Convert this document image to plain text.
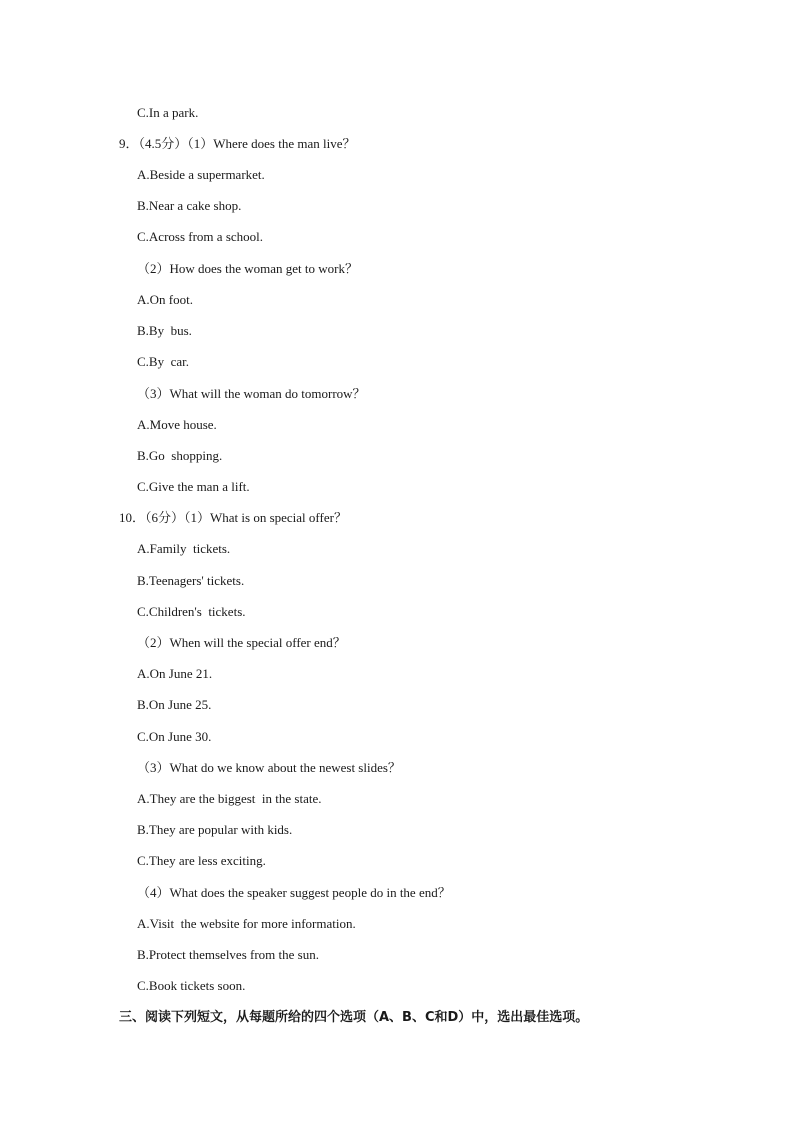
C.In a park.
9．（4.5分）（1）Where does the man live？
A.Beside a supermarket.
B.Near a cake shop.
C.Across from a school.
（2）How does the woman get to work？
A.On foot.
B.By  bus.
C.By  car.
（3）What will the woman do tomorrow？
A.Move house.
B.Go  shopping.
C.Give the man a lift.
10．（6分）（1）What is on special offer？
A.Family  tickets.
B.Teenagers' tickets.
C.Children's  tickets.
（2）When will the special offer end？
A.On June 21.
B.On June 25.
C.On June 30.
（3）What do we know about the newest slides？
A.They are the biggest  in the state.
B.They are popular with kids.
C.They are less exciting.
（4）What does the speaker suggest people do in the end？
A.Visit  the website for more information.
B.Protect themselves from the sun.
C.Book tickets soon.
三、阅读下列短文，从每题所给的四个选项（A、B、C和D）中，选出最佳选项。
